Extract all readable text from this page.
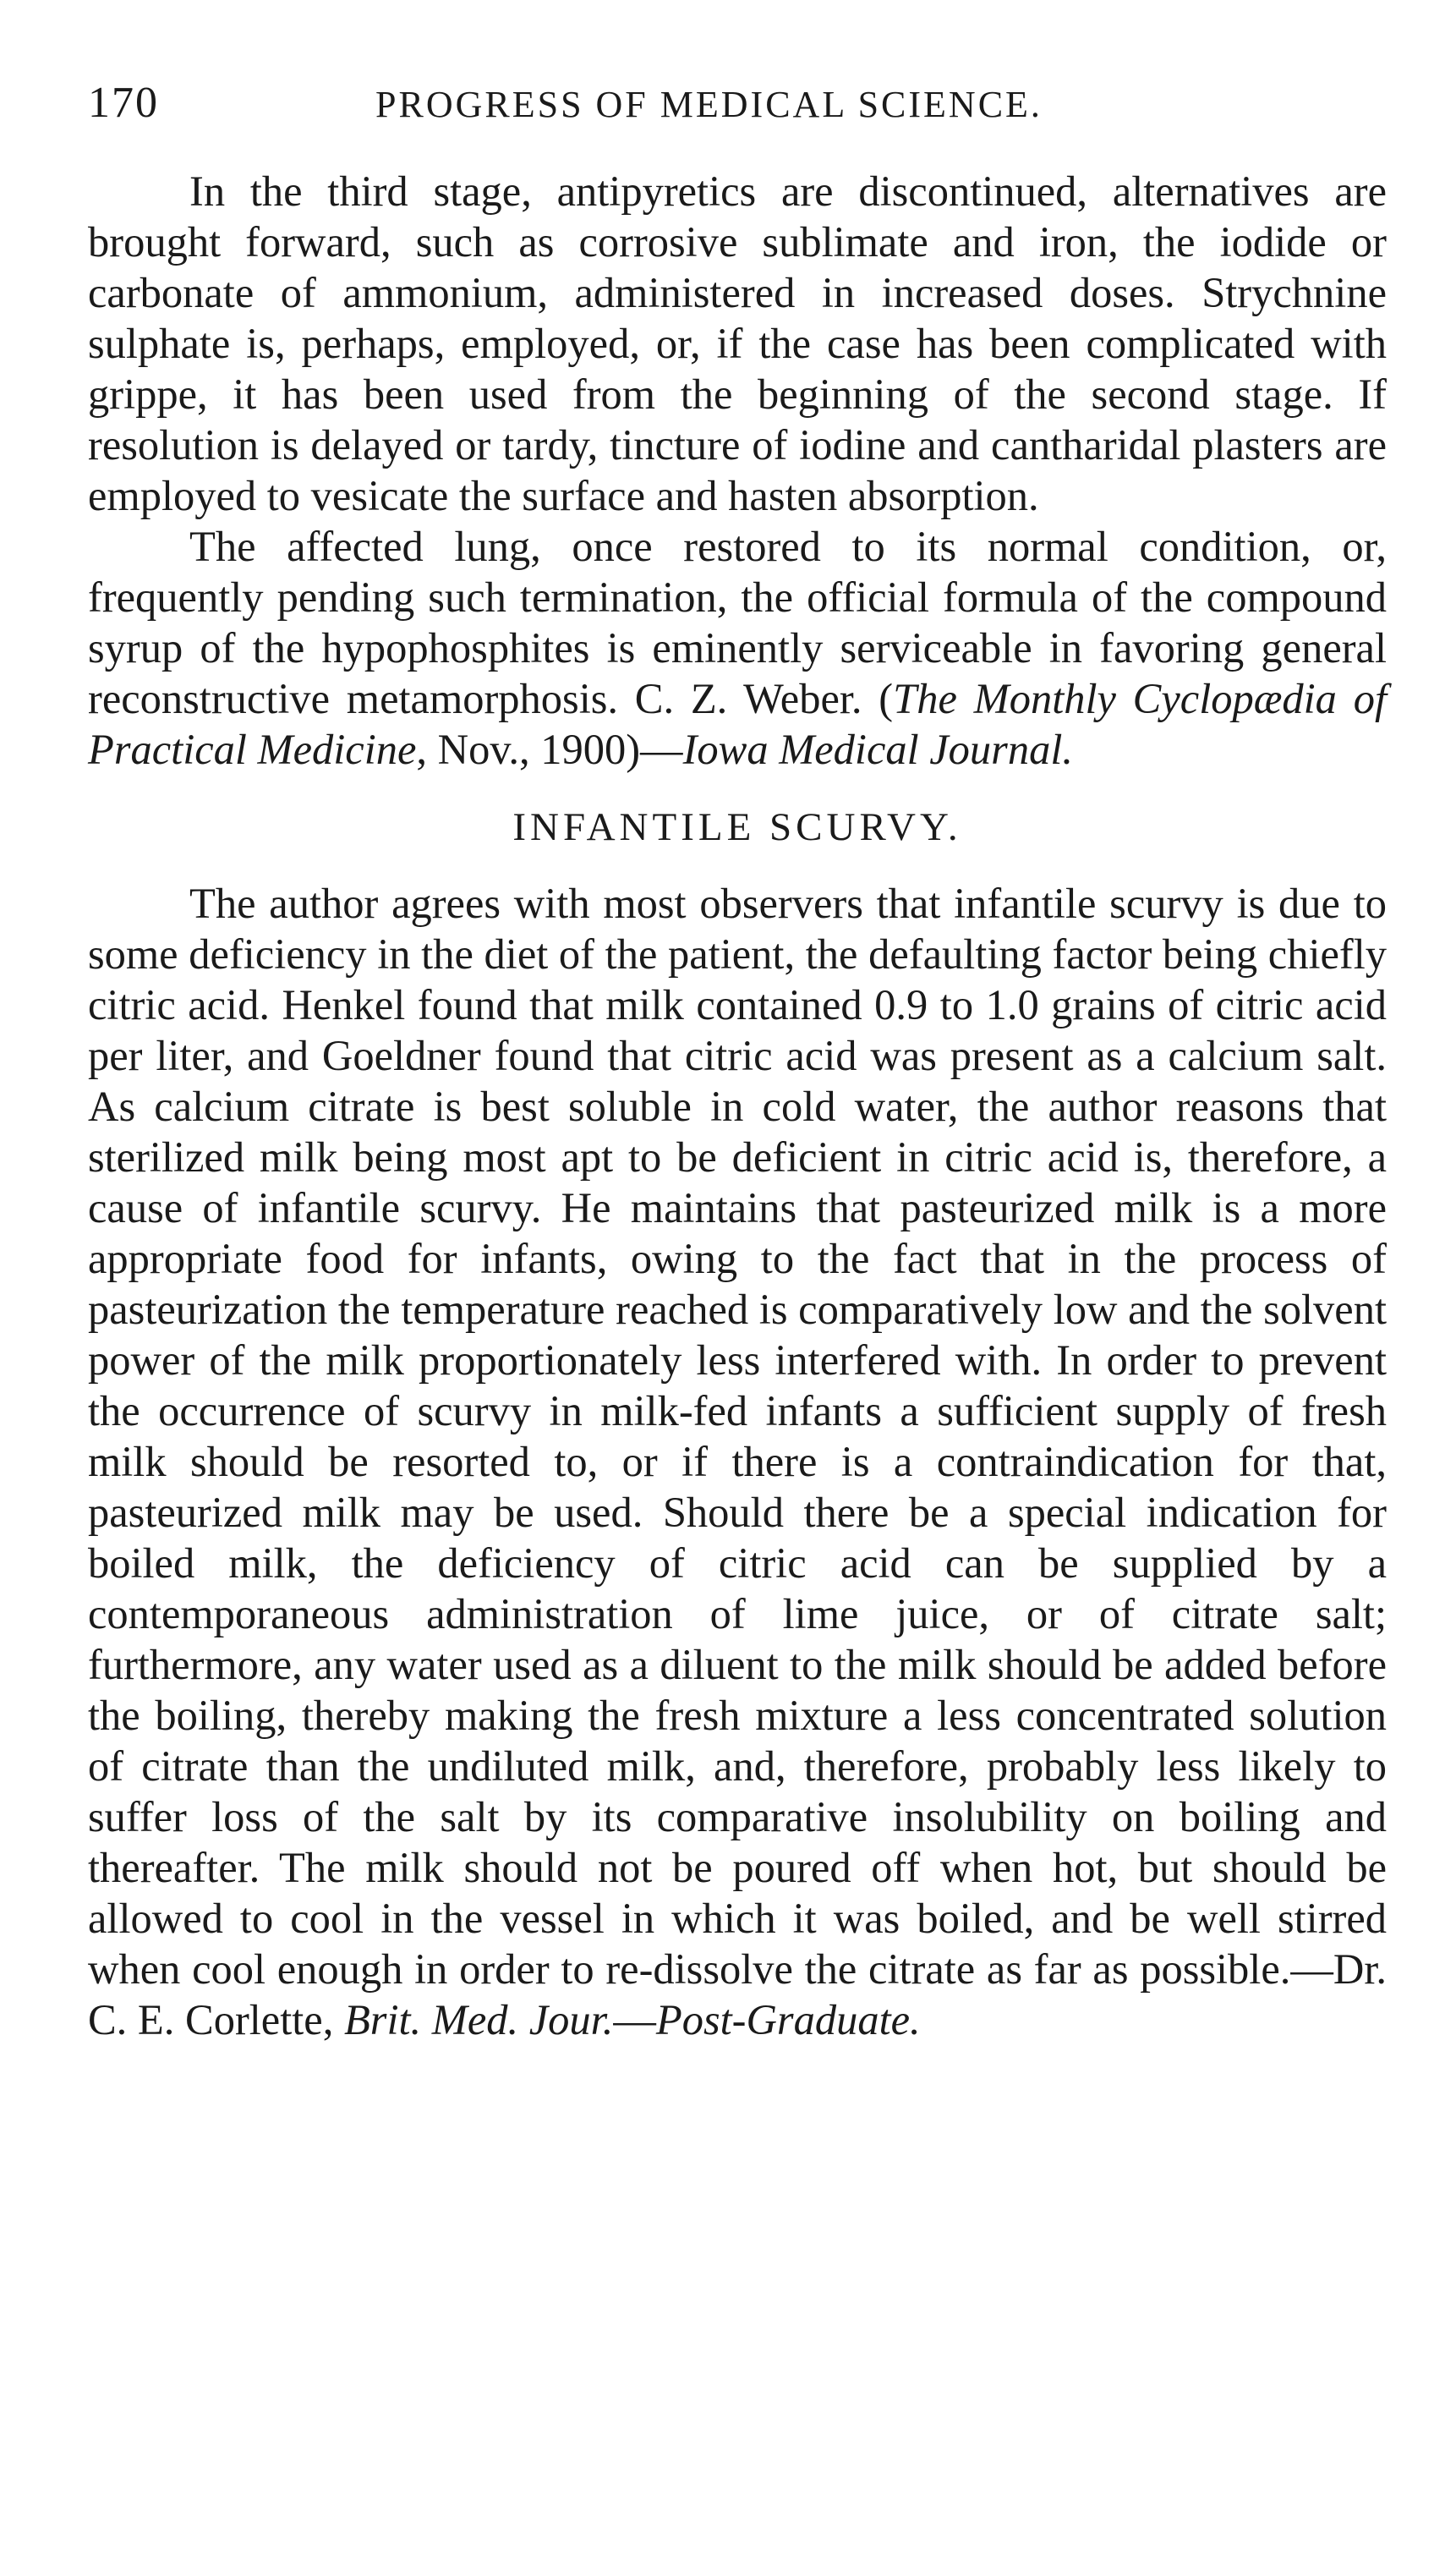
170	PROGRESS OF MEDICAL SCIENCE.

In the third stage, antipyretics are discontinued, alternatives are brought forward, such as corrosive sublimate and iron, the iodide or carbonate of ammonium, administered in increased doses. Strychnine sulphate is, perhaps, employed, or, if the case has been complicated with grippe, it has been used from the beginning of the second stage. If resolution is delayed or tardy, tincture of iodine and cantharidal plasters are employed to vesicate the surface and hasten absorption.

The affected lung, once restored to its normal condition, or, frequently pending such termination, the official formula of the compound syrup of the hypophosphites is eminently serviceable in favoring general reconstructive metamorphosis. C. Z. Weber. (The Monthly Cyclopædia of Practical Medicine, Nov., 1900)—Iowa Medical Journal.

INFANTILE SCURVY.

The author agrees with most observers that infantile scurvy is due to some deficiency in the diet of the patient, the defaulting factor being chiefly citric acid. Henkel found that milk contained 0.9 to 1.0 grains of citric acid per liter, and Goeldner found that citric acid was present as a calcium salt. As calcium citrate is best soluble in cold water, the author reasons that sterilized milk being most apt to be deficient in citric acid is, therefore, a cause of infantile scurvy. He maintains that pasteurized milk is a more appropriate food for infants, owing to the fact that in the process of pasteurization the temperature reached is comparatively low and the solvent power of the milk proportionately less interfered with. In order to prevent the occurrence of scurvy in milk-fed infants a sufficient supply of fresh milk should be resorted to, or if there is a contraindication for that, pasteurized milk may be used. Should there be a special indication for boiled milk, the deficiency of citric acid can be supplied by a contemporaneous administration of lime juice, or of citrate salt; furthermore, any water used as a diluent to the milk should be added before the boiling, thereby making the fresh mixture a less concentrated solution of citrate than the undiluted milk, and, therefore, probably less likely to suffer loss of the salt by its comparative insolubility on boiling and thereafter. The milk should not be poured off when hot, but should be allowed to cool in the vessel in which it was boiled, and be well stirred when cool enough in order to re-dissolve the citrate as far as possible.—Dr. C. E. Corlette, Brit. Med. Jour.—Post-Graduate.
